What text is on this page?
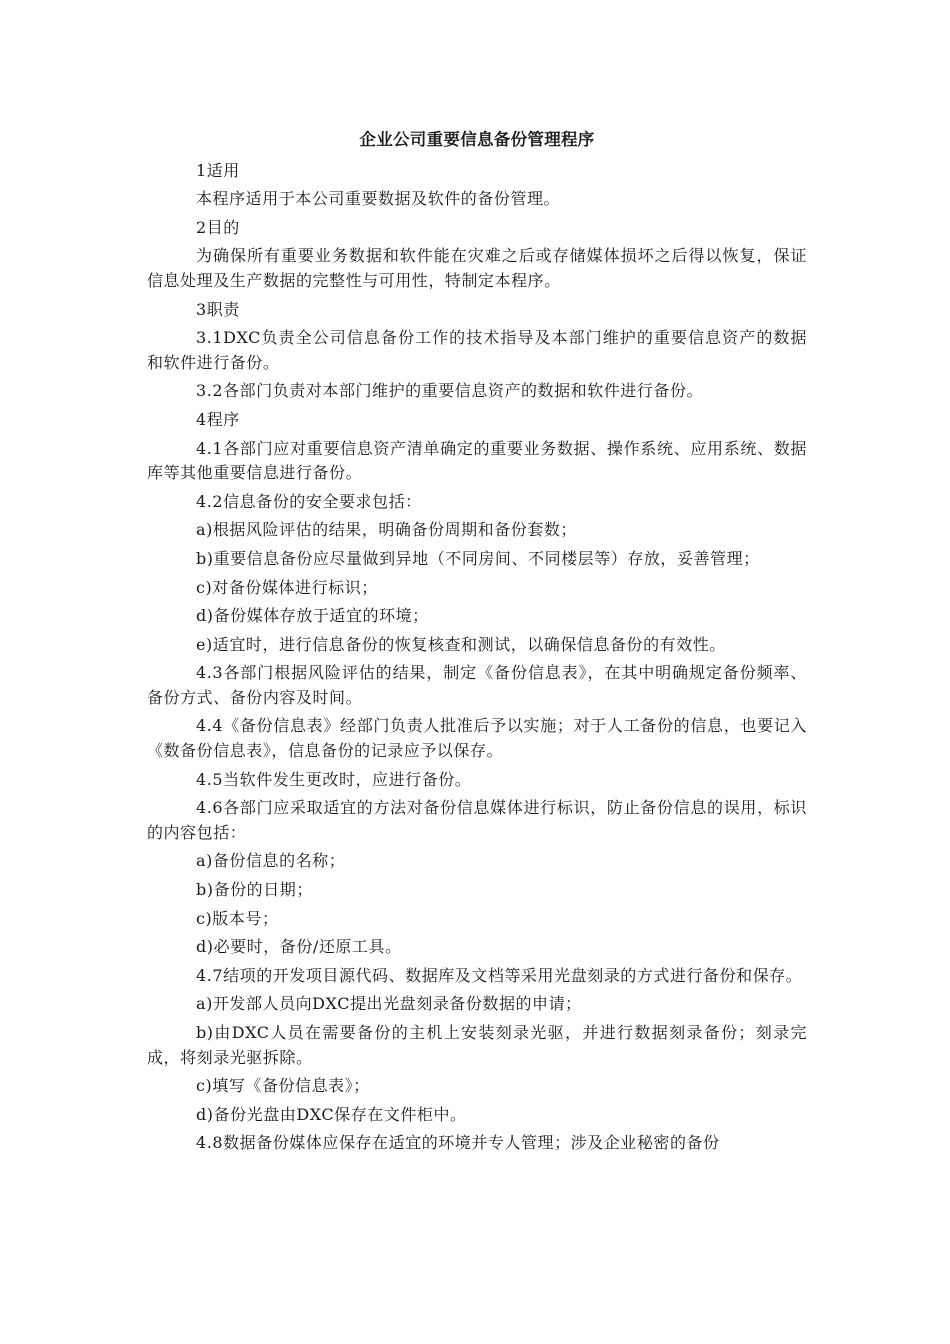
企业公司重要信息备份管理程序

1适用

本程序适用于本公司重要数据及软件的备份管理。

2目的

为确保所有重要业务数据和软件能在灾难之后或存储媒体损坏之后得以恢复，保证信息处理及生产数据的完整性与可用性，特制定本程序。

3职责

3.1DXC负责全公司信息备份工作的技术指导及本部门维护的重要信息资产的数据和软件进行备份。

3.2各部门负责对本部门维护的重要信息资产的数据和软件进行备份。

4程序

4.1各部门应对重要信息资产清单确定的重要业务数据、操作系统、应用系统、数据库等其他重要信息进行备份。

4.2信息备份的安全要求包括：

a)根据风险评估的结果，明确备份周期和备份套数；

b)重要信息备份应尽量做到异地（不同房间、不同楼层等）存放，妥善管理；

c)对备份媒体进行标识；

d)备份媒体存放于适宜的环境；

e)适宜时，进行信息备份的恢复核查和测试，以确保信息备份的有效性。

4.3各部门根据风险评估的结果，制定《备份信息表》，在其中明确规定备份频率、备份方式、备份内容及时间。

4.4《备份信息表》经部门负责人批准后予以实施；对于人工备份的信息，也要记入《数备份信息表》，信息备份的记录应予以保存。

4.5当软件发生更改时，应进行备份。

4.6各部门应采取适宜的方法对备份信息媒体进行标识，防止备份信息的误用，标识的内容包括：

a)备份信息的名称；

b)备份的日期；

c)版本号；

d)必要时，备份/还原工具。

4.7结项的开发项目源代码、数据库及文档等采用光盘刻录的方式进行备份和保存。

a)开发部人员向DXC提出光盘刻录备份数据的申请；

b)由DXC人员在需要备份的主机上安装刻录光驱，并进行数据刻录备份；刻录完成，将刻录光驱拆除。

c)填写《备份信息表》；

d)备份光盘由DXC保存在文件柜中。

4.8数据备份媒体应保存在适宜的环境并专人管理；涉及企业秘密的备份
